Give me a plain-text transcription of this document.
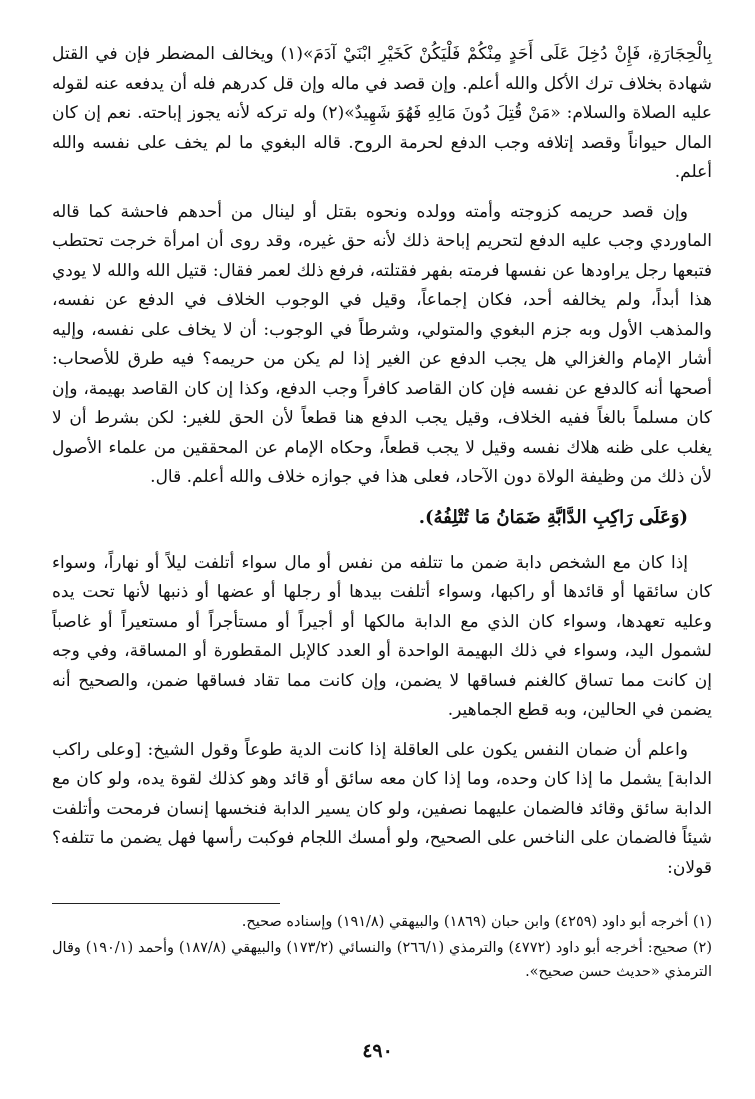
بِالْحِجَارَةِ، فَإِنْ دُخِلَ عَلَى أَحَدٍ مِنْكُمْ فَلْيَكُنْ كَخَيْرِ ابْنَيْ آدَمَ»(١) ويخالف المضطر فإن في القتل شهادة بخلاف ترك الأكل والله أعلم. وإن قصد في ماله وإن قل كدرهم فله أن يدفعه عنه لقوله عليه الصلاة والسلام: «مَنْ قُتِلَ دُونَ مَالِهِ فَهُوَ شَهِيدٌ»(٢) وله تركه لأنه يجوز إباحته. نعم إن كان المال حيواناً وقصد إتلافه وجب الدفع لحرمة الروح. قاله البغوي ما لم يخف على نفسه والله أعلم.

وإن قصد حريمه كزوجته وأمته وولده ونحوه بقتل أو لينال من أحدهم فاحشة كما قاله الماوردي وجب عليه الدفع لتحريم إباحة ذلك لأنه حق غيره، وقد روى أن امرأة خرجت تحتطب فتبعها رجل يراودها عن نفسها فرمته بفهر فقتلته، فرفع ذلك لعمر فقال: قتيل الله والله لا يودي هذا أبداً، ولم يخالفه أحد، فكان إجماعاً، وقيل في الوجوب الخلاف في الدفع عن نفسه، والمذهب الأول وبه جزم البغوي والمتولي، وشرطاً في الوجوب: أن لا يخاف على نفسه، وإليه أشار الإمام والغزالي هل يجب الدفع عن الغير إذا لم يكن من حريمه؟ فيه طرق للأصحاب: أصحها أنه كالدفع عن نفسه فإن كان القاصد كافراً وجب الدفع، وكذا إن كان القاصد بهيمة، وإن كان مسلماً بالغاً ففيه الخلاف، وقيل يجب الدفع هنا قطعاً لأن الحق للغير: لكن بشرط أن لا يغلب على ظنه هلاك نفسه وقيل لا يجب قطعاً، وحكاه الإمام عن المحققين من علماء الأصول لأن ذلك من وظيفة الولاة دون الآحاد، فعلى هذا في جوازه خلاف والله أعلم. قال.

(وَعَلَى رَاكِبِ الدَّابَّةِ ضَمَانُ مَا تُتْلِفُهُ).

إذا كان مع الشخص دابة ضمن ما تتلفه من نفس أو مال سواء أتلفت ليلاً أو نهاراً، وسواء كان سائقها أو قائدها أو راكبها، وسواء أتلفت بيدها أو رجلها أو عضها أو ذنبها لأنها تحت يده وعليه تعهدها، وسواء كان الذي مع الدابة مالكها أو أجيراً أو مستأجراً أو مستعيراً أو غاصباً لشمول اليد، وسواء في ذلك البهيمة الواحدة أو العدد كالإبل المقطورة أو المساقة، وفي وجه إن كانت مما تساق كالغنم فساقها لا يضمن، وإن كانت مما تقاد فساقها ضمن، والصحيح أنه يضمن في الحالين، وبه قطع الجماهير.

واعلم أن ضمان النفس يكون على العاقلة إذا كانت الدية طوعاً وقول الشيخ: [وعلى راكب الدابة] يشمل ما إذا كان وحده، وما إذا كان معه سائق أو قائد وهو كذلك لقوة يده، ولو كان مع الدابة سائق وقائد فالضمان عليهما نصفين، ولو كان يسير الدابة فنخسها إنسان فرمحت وأتلفت شيئاً فالضمان على الناخس على الصحيح، ولو أمسك اللجام فوكبت رأسها فهل يضمن ما تتلفه؟ قولان:

(١) أخرجه أبو داود (٤٢٥٩) وابن حبان (١٨٦٩) والبيهقي (١٩١/٨) وإسناده صحيح.

(٢) صحيح: أخرجه أبو داود (٤٧٧٢) والترمذي (٢٦٦/١) والنسائي (١٧٣/٢) والبيهقي (١٨٧/٨) وأحمد (١٩٠/١) وقال الترمذي «حديث حسن صحيح».

٤٩٠
